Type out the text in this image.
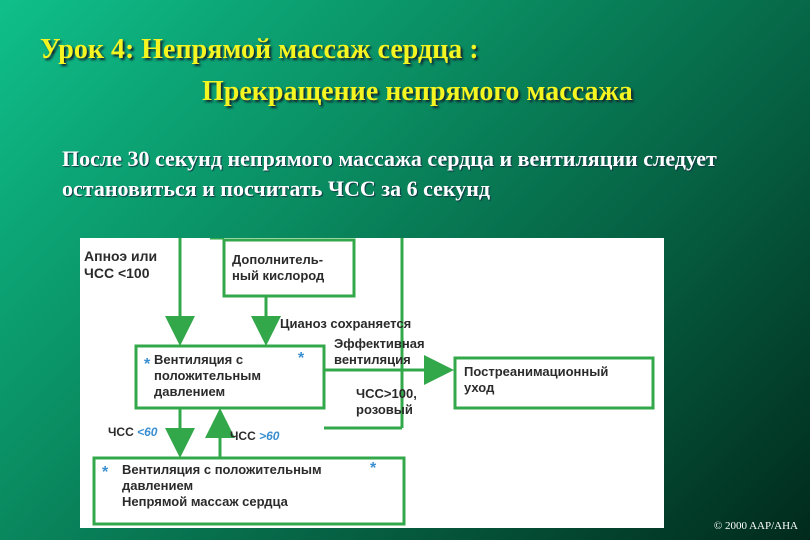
Урок 4: Непрямой массаж сердца :
Прекращение непрямого массажа

После 30 секунд непрямого массажа сердца и вентиляции следует остановиться и посчитать ЧСС за 6 секунд

Апноэ или
ЧСС <100
Дополнитель-
ный кислород
Цианоз сохраняется
Эффективная
вентиляция
Вентиляция с
положительным
давлением
*	*
Постреанимационный
уход
ЧСС>100,
розовый
ЧСС <60	ЧСС >60
Вентиляция с положительным
давлением
Непрямой массаж сердца
*	*
© 2000 AAP/AHA
